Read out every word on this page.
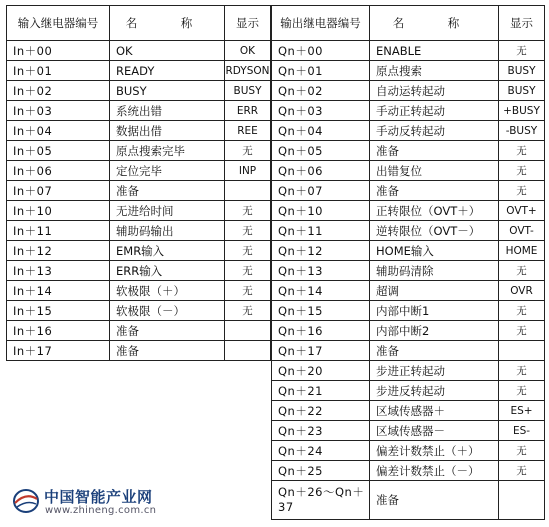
输入继电器编号	名　称	显示
In＋00	OK	OK
In＋01	READY	RDYSON
In＋02	BUSY	BUSY
In＋03	系统出错	ERR
In＋04	数据出借	REE
In＋05	原点搜索完毕	无
In＋06	定位完毕	INP
In＋07	准备	
In＋10	无进给时间	无
In＋11	辅助码输出	无
In＋12	EMR输入	无
In＋13	ERR输入	无
In＋14	软极限（＋）	无
In＋15	软极限（－）	无
In＋16	准备	
In＋17	准备	
输出继电器编号	名　称	显示
Qn＋00	ENABLE	无
Qn＋01	原点搜索	BUSY
Qn＋02	自动运转起动	BUSY
Qn＋03	手动正转起动	+BUSY
Qn＋04	手动反转起动	-BUSY
Qn＋05	准备	无
Qn＋06	出错复位	无
Qn＋07	准备	无
Qn＋10	正转限位（OVT＋）	OVT+
Qn＋11	逆转限位（OVT－）	OVT-
Qn＋12	HOME输入	HOME
Qn＋13	辅助码清除	无
Qn＋14	超调	OVR
Qn＋15	内部中断1	无
Qn＋16	内部中断2	无
Qn＋17	准备	
Qn＋20	步进正转起动	无
Qn＋21	步进反转起动	无
Qn＋22	区域传感器＋	ES+
Qn＋23	区域传感器－	ES-
Qn＋24	偏差计数禁止（＋）	无
Qn＋25	偏差计数禁止（－）	无
Qn＋26～Qn＋37	准备	
中国智能产业网
www.zhineng.com.cn
